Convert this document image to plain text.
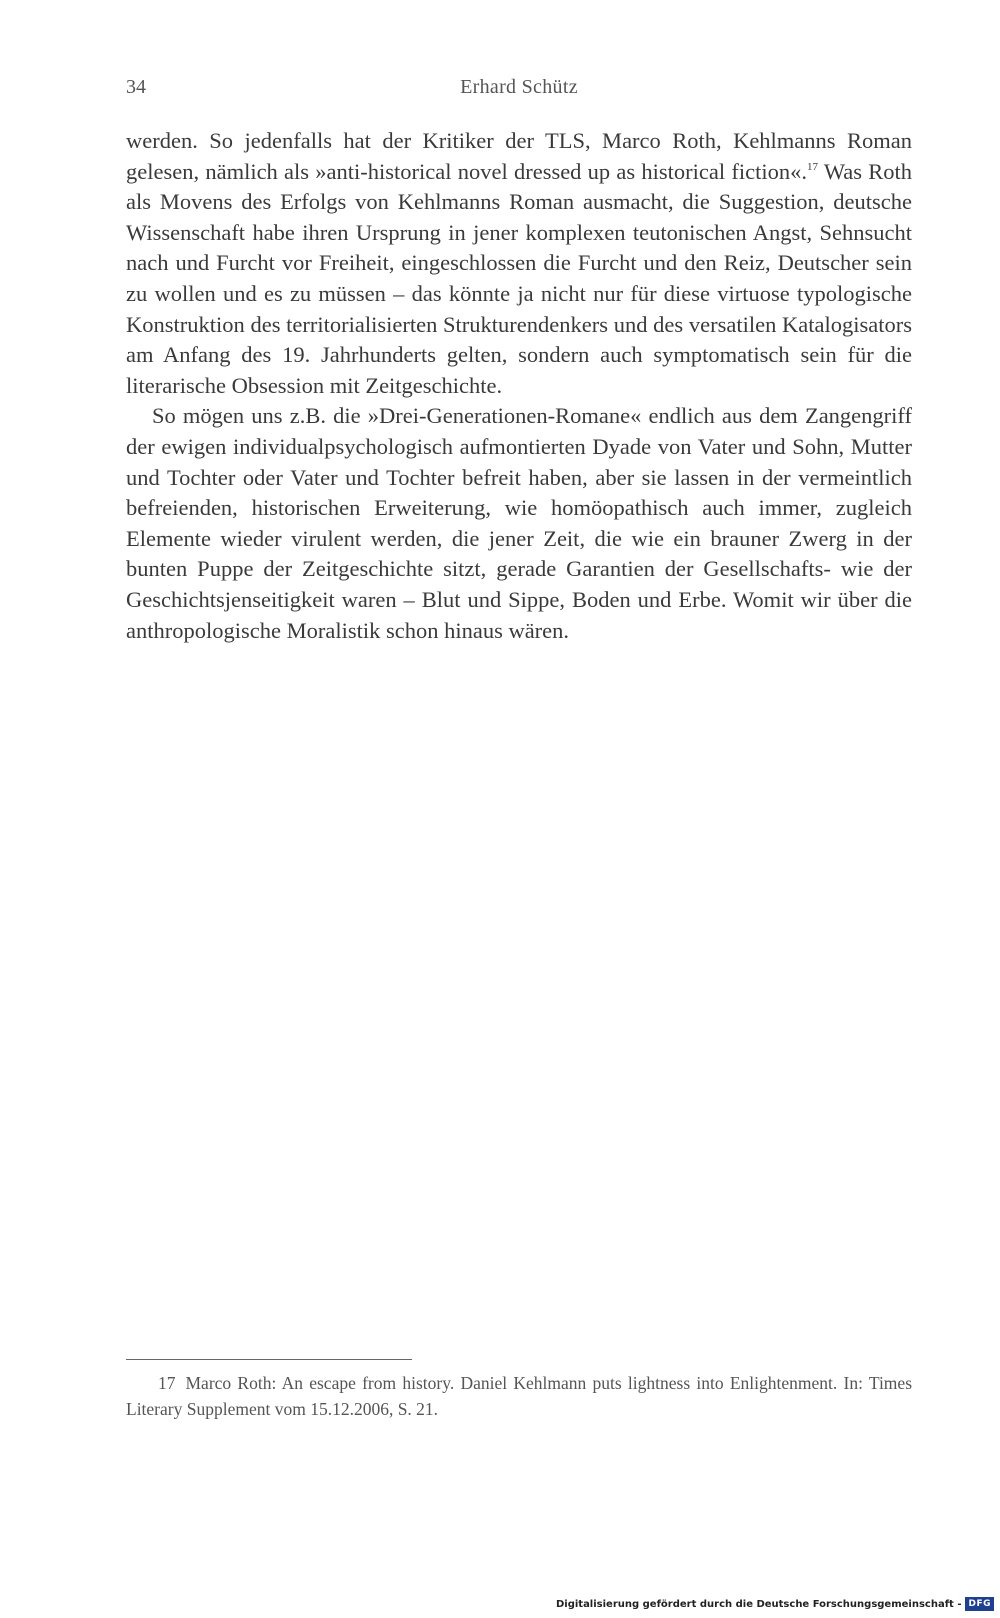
34	Erhard Schütz

werden. So jedenfalls hat der Kritiker der TLS, Marco Roth, Kehlmanns Roman gelesen, nämlich als »anti-historical novel dressed up as historical fiction«.$^{17}$ Was Roth als Movens des Erfolgs von Kehlmanns Roman ausmacht, die Suggestion, deutsche Wissenschaft habe ihren Ursprung in jener komplexen teutonischen Angst, Sehnsucht nach und Furcht vor Freiheit, eingeschlossen die Furcht und den Reiz, Deutscher sein zu wollen und es zu müssen – das könnte ja nicht nur für diese virtuose typologische Konstruktion des territorialisierten Strukturendenkers und des versatilen Katalogisators am Anfang des 19. Jahrhunderts gelten, sondern auch symptomatisch sein für die literarische Obsession mit Zeitgeschichte.

So mögen uns z.B. die »Drei-Generationen-Romane« endlich aus dem Zangengriff der ewigen individualpsychologisch aufmontierten Dyade von Vater und Sohn, Mutter und Tochter oder Vater und Tochter befreit haben, aber sie lassen in der vermeintlich befreienden, historischen Erweiterung, wie homöopathisch auch immer, zugleich Elemente wieder virulent werden, die jener Zeit, die wie ein brauner Zwerg in der bunten Puppe der Zeitgeschichte sitzt, gerade Garantien der Gesellschafts- wie der Geschichtsjenseitigkeit waren – Blut und Sippe, Boden und Erbe. Womit wir über die anthropologische Moralistik schon hinaus wären.

17 Marco Roth: An escape from history. Daniel Kehlmann puts lightness into Enlightenment. In: Times Literary Supplement vom 15.12.2006, S. 21.
Digitalisierung gefördert durch die Deutsche Forschungsgemeinschaft - DFG
